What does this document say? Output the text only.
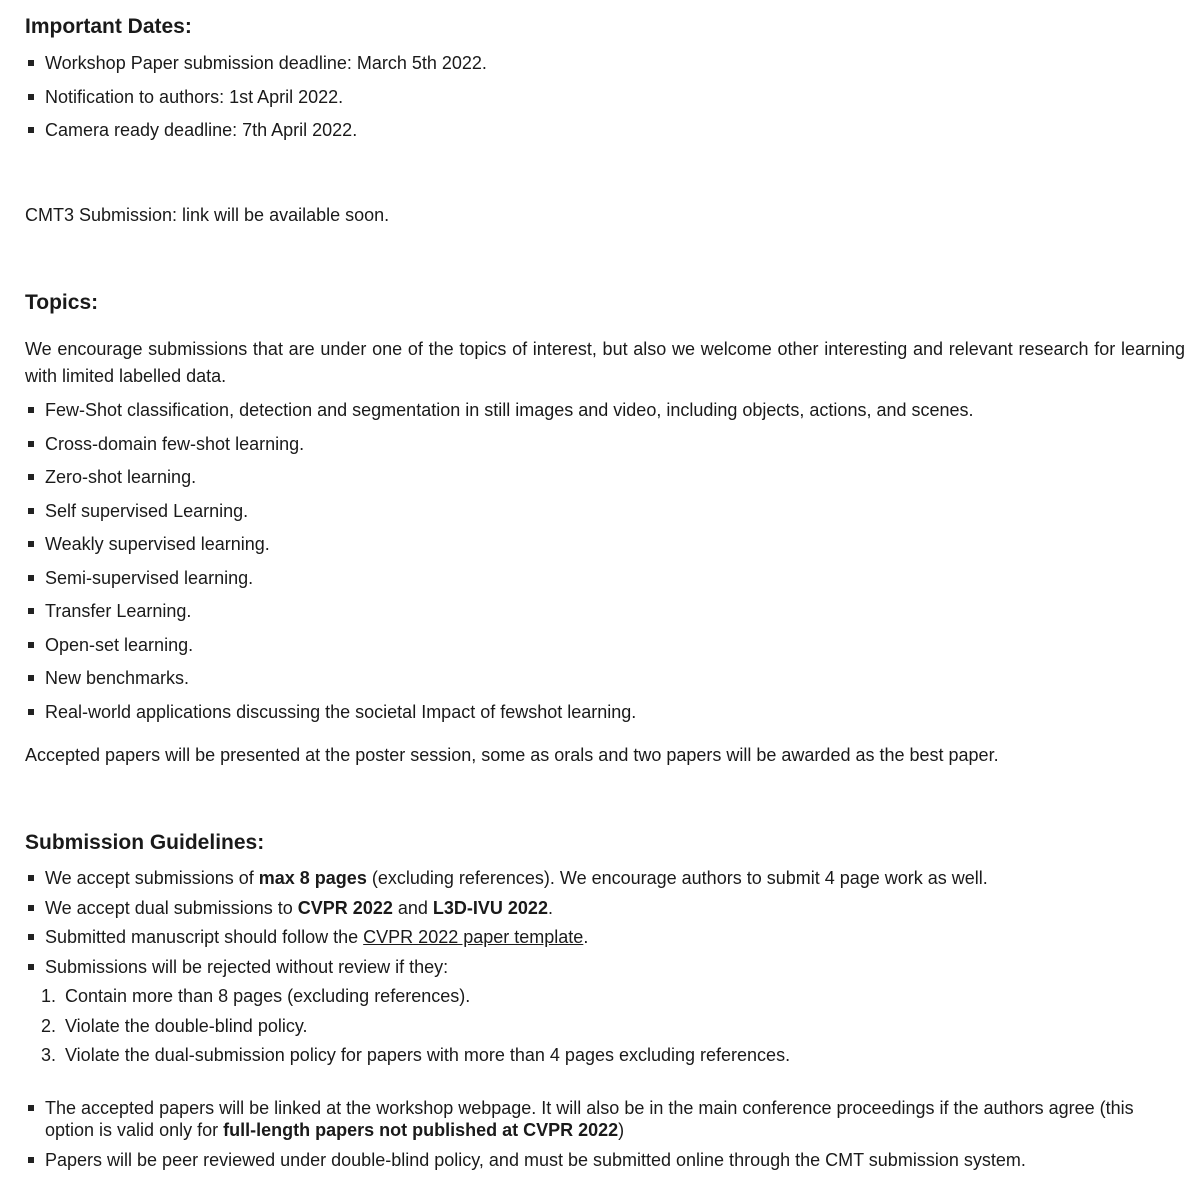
Important Dates:
Workshop Paper submission deadline: March 5th 2022.
Notification to authors: 1st April 2022.
Camera ready deadline: 7th April 2022.

CMT3 Submission: link will be available soon.

Topics:

We encourage submissions that are under one of the topics of interest, but also we welcome other interesting and relevant research for learning with limited labelled data.

Few-Shot classification, detection and segmentation in still images and video, including objects, actions, and scenes.
Cross-domain few-shot learning.
Zero-shot learning.
Self supervised Learning.
Weakly supervised learning.
Semi-supervised learning.
Transfer Learning.
Open-set learning.
New benchmarks.
Real-world applications discussing the societal Impact of fewshot learning.

Accepted papers will be presented at the poster session, some as orals and two papers will be awarded as the best paper.

Submission Guidelines:
We accept submissions of max 8 pages (excluding references). We encourage authors to submit 4 page work as well.
We accept dual submissions to CVPR 2022 and L3D-IVU 2022.
Submitted manuscript should follow the CVPR 2022 paper template.
Submissions will be rejected without review if they:
1. Contain more than 8 pages (excluding references).
2. Violate the double-blind policy.
3. Violate the dual-submission policy for papers with more than 4 pages excluding references.
The accepted papers will be linked at the workshop webpage. It will also be in the main conference proceedings if the authors agree (this option is valid only for full-length papers not published at CVPR 2022)
Papers will be peer reviewed under double-blind policy, and must be submitted online through the CMT submission system.
